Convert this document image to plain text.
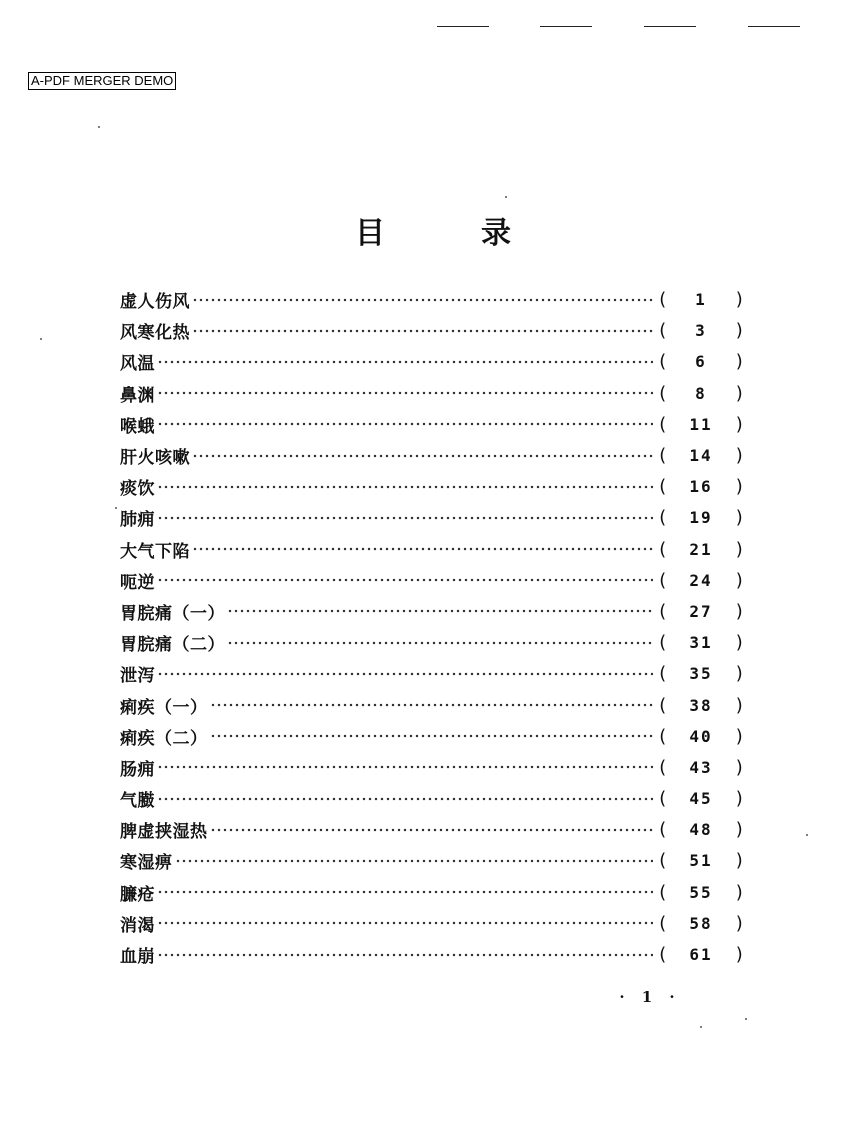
A-PDF MERGER DEMO
目	录
虚人伤风	(	1	)
风寒化热	(	3	)
风温	(	6	)
鼻渊	(	8	)
喉蛾	(	11	)
肝火咳嗽	(	14	)
痰饮	(	16	)
肺痈	(	19	)
大气下陷	(	21	)
呃逆	(	24	)
胃脘痛（一）	(	27	)
胃脘痛（二）	(	31	)
泄泻	(	35	)
痢疾（一）	(	38	)
痢疾（二）	(	40	)
肠痈	(	43	)
气臌	(	45	)
脾虚挟湿热	(	48	)
寒湿痹	(	51	)
臁疮	(	55	)
消渴	(	58	)
血崩	(	61	)
· 1 ·
